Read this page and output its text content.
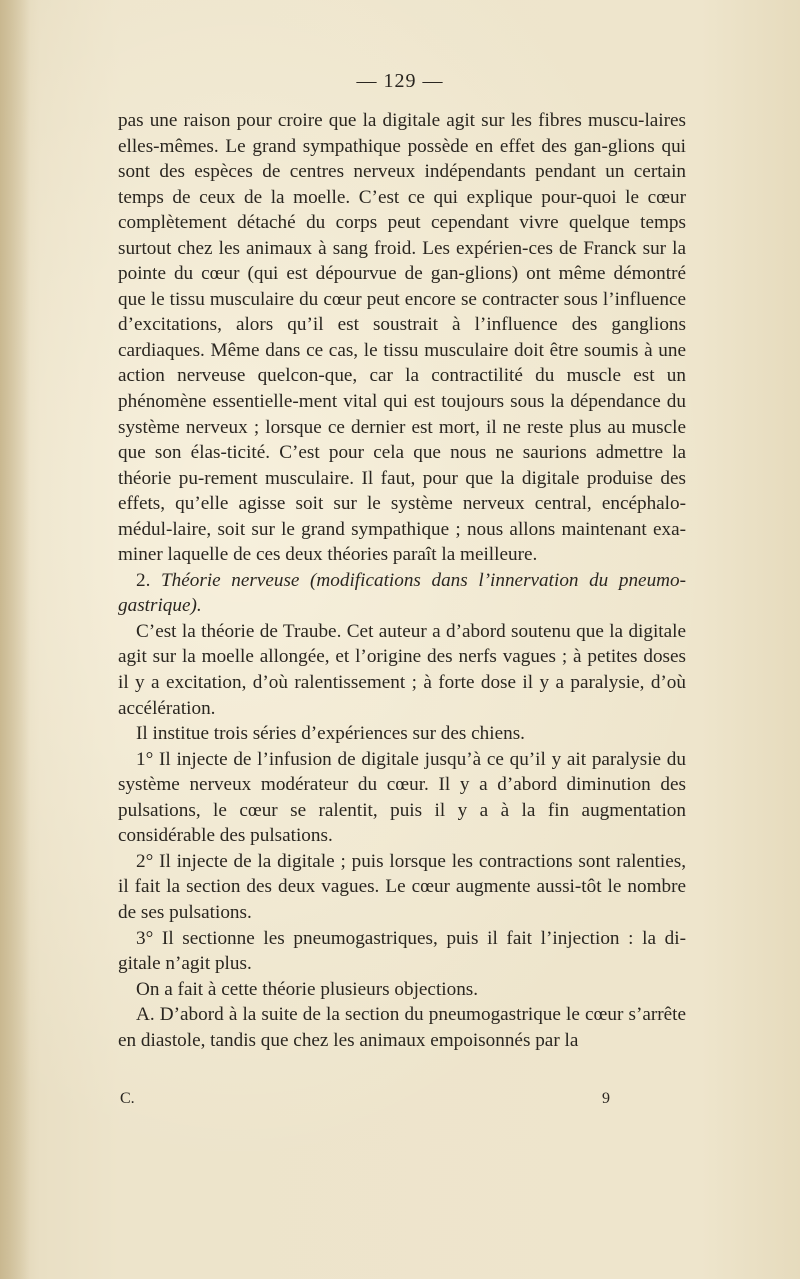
— 129 —

pas une raison pour croire que la digitale agit sur les fibres muscu-laires elles-mêmes. Le grand sympathique possède en effet des gan-glions qui sont des espèces de centres nerveux indépendants pendant un certain temps de ceux de la moelle. C’est ce qui explique pour-quoi le cœur complètement détaché du corps peut cependant vivre quelque temps surtout chez les animaux à sang froid. Les expérien-ces de Franck sur la pointe du cœur (qui est dépourvue de gan-glions) ont même démontré que le tissu musculaire du cœur peut encore se contracter sous l’influence d’excitations, alors qu’il est soustrait à l’influence des ganglions cardiaques. Même dans ce cas, le tissu musculaire doit être soumis à une action nerveuse quelcon-que, car la contractilité du muscle est un phénomène essentielle-ment vital qui est toujours sous la dépendance du système nerveux ; lorsque ce dernier est mort, il ne reste plus au muscle que son élas-ticité. C’est pour cela que nous ne saurions admettre la théorie pu-rement musculaire. Il faut, pour que la digitale produise des effets, qu’elle agisse soit sur le système nerveux central, encéphalo-médul-laire, soit sur le grand sympathique ; nous allons maintenant exa-miner laquelle de ces deux théories paraît la meilleure.

2. Théorie nerveuse (modifications dans l’innervation du pneumo-gastrique).

C’est la théorie de Traube. Cet auteur a d’abord soutenu que la digitale agit sur la moelle allongée, et l’origine des nerfs vagues ; à petites doses il y a excitation, d’où ralentissement ; à forte dose il y a paralysie, d’où accélération.

Il institue trois séries d’expériences sur des chiens.

1° Il injecte de l’infusion de digitale jusqu’à ce qu’il y ait paralysie du système nerveux modérateur du cœur. Il y a d’abord diminution des pulsations, le cœur se ralentit, puis il y a à la fin augmentation considérable des pulsations.

2° Il injecte de la digitale ; puis lorsque les contractions sont ralenties, il fait la section des deux vagues. Le cœur augmente aussi-tôt le nombre de ses pulsations.

3° Il sectionne les pneumogastriques, puis il fait l’injection : la di-gitale n’agit plus.

On a fait à cette théorie plusieurs objections.

A. D’abord à la suite de la section du pneumogastrique le cœur s’arrête en diastole, tandis que chez les animaux empoisonnés par la

C.	9
